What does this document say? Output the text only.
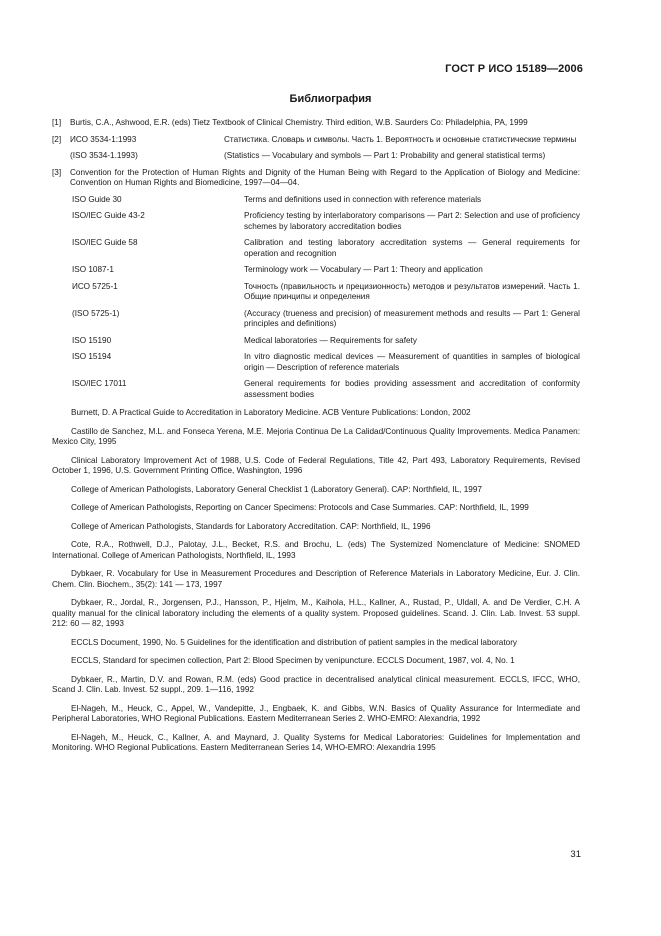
ГОСТ Р ИСО 15189—2006
Библиография
[1]	Burtis, C.A., Ashwood, E.R. (eds) Tietz Textbook of Clinical Chemistry. Third edition, W.B. Saurders Co: Philadelphia, PA, 1999
[2]	ИСО 3534-1:1993	Статистика. Словарь и символы. Часть 1. Вероятность и основные статистические термины
(ISO 3534-1.1993)	(Statistics — Vocabulary and symbols — Part 1: Probability and general statistical terms)
[3]	Convention for the Protection of Human Rights and Dignity of the Human Being with Regard to the Application of Biology and Medicine: Convention on Human Rights and Biomedicine, 1997—04—04.
ISO Guide 30	Terms and definitions used in connection with reference materials
ISO/IEC Guide 43-2	Proficiency testing by interlaboratory comparisons — Part 2: Selection and use of proficiency schemes by laboratory accreditation bodies
ISO/IEC Guide 58	Calibration and testing laboratory accreditation systems — General requirements for operation and recognition
ISO 1087-1	Terminology work — Vocabulary — Part 1: Theory and application
ИСО 5725-1	Точность (правильность и прецизионность) методов и результатов измерений. Часть 1. Общие принципы и определения
(ISO 5725-1)	(Accuracy (trueness and precision) of measurement methods and results — Part 1: General principles and definitions)
ISO 15190	Medical laboratories — Requirements for safety
ISO 15194	In vitro diagnostic medical devices — Measurement of quantities in samples of biological origin — Description of reference materials
ISO/IEC 17011	General requirements for bodies providing assessment and accreditation of conformity assessment bodies
Burnett, D. A Practical Guide to Accreditation in Laboratory Medicine. ACB Venture Publications: London, 2002
Castillo de Sanchez, M.L. and Fonseca Yerena, M.E. Mejoria Continua De La Calidad/Continuous Quality Improvements. Medica Panamen: Mexico City, 1995
Clinical Laboratory Improvement Act of 1988, U.S. Code of Federal Regulations, Title 42, Part 493, Laboratory Requirements, Revised October 1, 1996, U.S. Government Printing Office, Washington, 1996
College of American Pathologists, Laboratory General Checklist 1 (Laboratory General). CAP: Northfield, IL, 1997
College of American Pathologists, Reporting on Cancer Specimens: Protocols and Case Summaries. CAP: Northfield, IL, 1999
College of American Pathologists, Standards for Laboratory Accreditation. CAP: Northfield, IL, 1996
Cote, R.A., Rothwell, D.J., Palotay, J.L., Becket, R.S. and Brochu, L. (eds) The Systemized Nomenclature of Medicine: SNOMED International. College of American Pathologists, Northfield, IL, 1993
Dybkaer, R. Vocabulary for Use in Measurement Procedures and Description of Reference Materials in Laboratory Medicine, Eur. J. Clin. Chem. Clin. Biochem., 35(2): 141 — 173, 1997
Dybkaer, R., Jordal, R., Jorgensen, P.J., Hansson, P., Hjelm, M., Kaihola, H.L., Kallner, A., Rustad, P., Uldall, A. and De Verdier, C.H. A quality manual for the clinical laboratory including the elements of a quality system. Proposed guidelines. Scand. J. Clin. Lab. Invest. 53 suppl. 212: 60 — 82, 1993
ECCLS Document, 1990, No. 5 Guidelines for the identification and distribution of patient samples in the medical laboratory
ECCLS, Standard for specimen collection, Part 2: Blood Specimen by venipuncture. ECCLS Document, 1987, vol. 4, No. 1
Dybkaer, R., Martin, D.V. and Rowan, R.M. (eds) Good practice in decentralised analytical clinical measurement. ECCLS, IFCC, WHO, Scand J. Clin. Lab. Invest. 52 suppl., 209. 1—116, 1992
El-Nageh, M., Heuck, C., Appel, W., Vandepitte, J., Engbaek, K. and Gibbs, W.N. Basics of Quality Assurance for Intermediate and Peripheral Laboratories, WHO Regional Publications. Eastern Mediterranean Series 2. WHO-EMRO: Alexandria, 1992
El-Nageh, M., Heuck, C., Kallner, A. and Maynard, J. Quality Systems for Medical Laboratories: Guidelines for Implementation and Monitoring. WHO Regional Publications. Eastern Mediterranean Series 14, WHO-EMRO: Alexandria 1995
31
